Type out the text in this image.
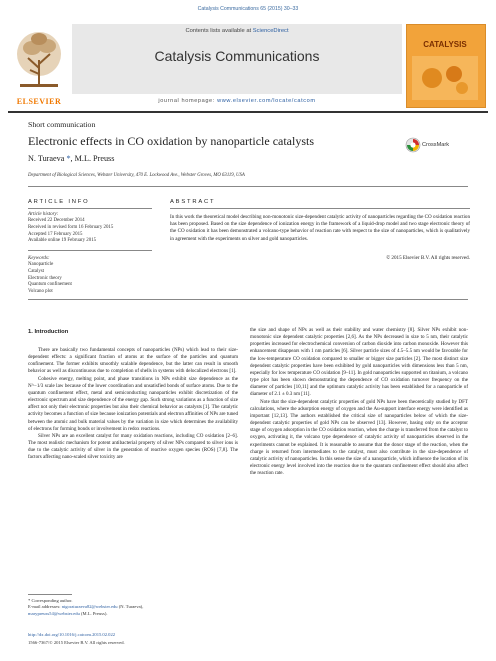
Catalysis Communications 65 (2015) 30–33
ELSEVIER
Contents lists available at ScienceDirect
Catalysis Communications
journal homepage: www.elsevier.com/locate/catcom
CATALYSIS
Short communication
Electronic effects in CO oxidation by nanoparticle catalysts	CrossMark
N. Turaeva *, M.L. Preuss
Department of Biological Sciences, Webster University, 470 E. Lockwood Ave., Webster Groves, MO 63119, USA
ARTICLE INFO
Article history:
Received 22 December 2014
Received in revised form 16 February 2015
Accepted 17 February 2015
Available online 19 February 2015
Keywords:
Nanoparticle
Catalyst
Electronic theory
Quantum confinement
Volcano plot
ABSTRACT
In this work the theoretical model describing non-monotonic size-dependent catalytic activity of nanoparticles regarding the CO oxidation reaction has been proposed. Based on the size dependence of ionization energy in the framework of a liquid-drop model and two stage electronic theory of the CO oxidation it has been demonstrated a volcano-type behavior of reaction rate with respect to the size of nanoparticles, which is qualitatively in agreement with the experiments on silver and gold nanoparticles.
© 2015 Elsevier B.V. All rights reserved.
1. Introduction

There are basically two fundamental concepts of nanoparticles (NPs) which lead to their size-dependent effects: a significant fraction of atoms at the surface of the particles and quantum confinement. The former exhibits smoothly scalable dependence, but the latter can result in smooth behavior as well as discontinuous due to completion of shells in systems with delocalized electrons [1].

Cohesive energy, melting point, and phase transitions in NPs exhibit size dependence as the N^−1/3 scale law because of the lower coordination and unsatisfied bonds of surface atoms. Due to the quantum confinement effect, metal and semiconducting nanoparticles exhibit discretization of the electronic spectrum and size dependence of the energy gap. Such strong variations as a function of size affect not only their electronic properties but also their chemical behavior as catalysts [1]. The catalytic activity becomes a function of size because ionization potentials and electron affinities of NPs are tuned between the atomic and bulk material values by the variation in size which determines the availability of electrons for forming bonds or involvement in redox reactions.

Silver NPs are an excellent catalyst for many oxidation reactions, including CO oxidation [2–6]. The most realistic mechanism for potent antibacterial property of silver NPs compared to silver ions is due to the catalytic activity of silver in the generation of reactive oxygen species (ROS) [7,8]. The factors affecting nano-scaled silver toxicity are

the size and shape of NPs as well as their stability and water chemistry [8]. Silver NPs exhibit non-monotonic size dependent catalytic properties [2,6]. As the NPs decreased in size to 5 nm, their catalytic properties increased for electrochemical conversion of carbon dioxide into carbon monoxide. However this enhancement disappears with 1 nm particles [6]. Silver particle sizes of 4.5–5.5 nm would be favorable for the low-temperature CO oxidation compared to smaller or bigger size particles [2]. The most distinct size dependent catalytic properties have been exhibited by gold nanoparticles with dimensions less than 5 nm, especially for low temperature CO oxidation [9–11]. In gold nanoparticles supported on titanium, a volcano type plot has been shown demonstrating the dependence of CO oxidation turnover frequency on the diameter of particles [10,11] and the optimum catalytic activity has been established for a nanoparticle of diameter of 2.1 ± 0.3 nm [11].

Note that the size-dependent catalytic properties of gold NPs have been theoretically studied by DFT calculations, where the adsorption energy of oxygen and the Au-support interface energy were identified as important [12,13]. The authors established the critical size of nanoparticles below of which the size-dependent catalytic properties of gold NPs can be observed [13]. However, basing only on the acceptor stage of oxygen adsorption in the CO oxidation reaction, when the charge is transferred from the catalyst to oxygen, activating it, the volcano type dependence of catalytic activity of nanoparticles observed in the experiments cannot be explained. It is reasonable to assume that the donor stage of the reaction, when the charge is returned from intermediates to the catalyst, must also contribute in the size-dependence of catalytic activity of nanoparticles. In this sense the size of a nanoparticle, which influence the location of its electronic energy level involved into the reaction due to the quantum confinement effect should also affect the reaction rate.

* Corresponding author.
E-mail addresses: nigoraturaeva82@webster.edu (N. Turaeva),
marypreuss54@webster.edu (M.L. Preuss).
http://dx.doi.org/10.1016/j.catcom.2015.02.022
1566-7367/© 2015 Elsevier B.V. All rights reserved.
